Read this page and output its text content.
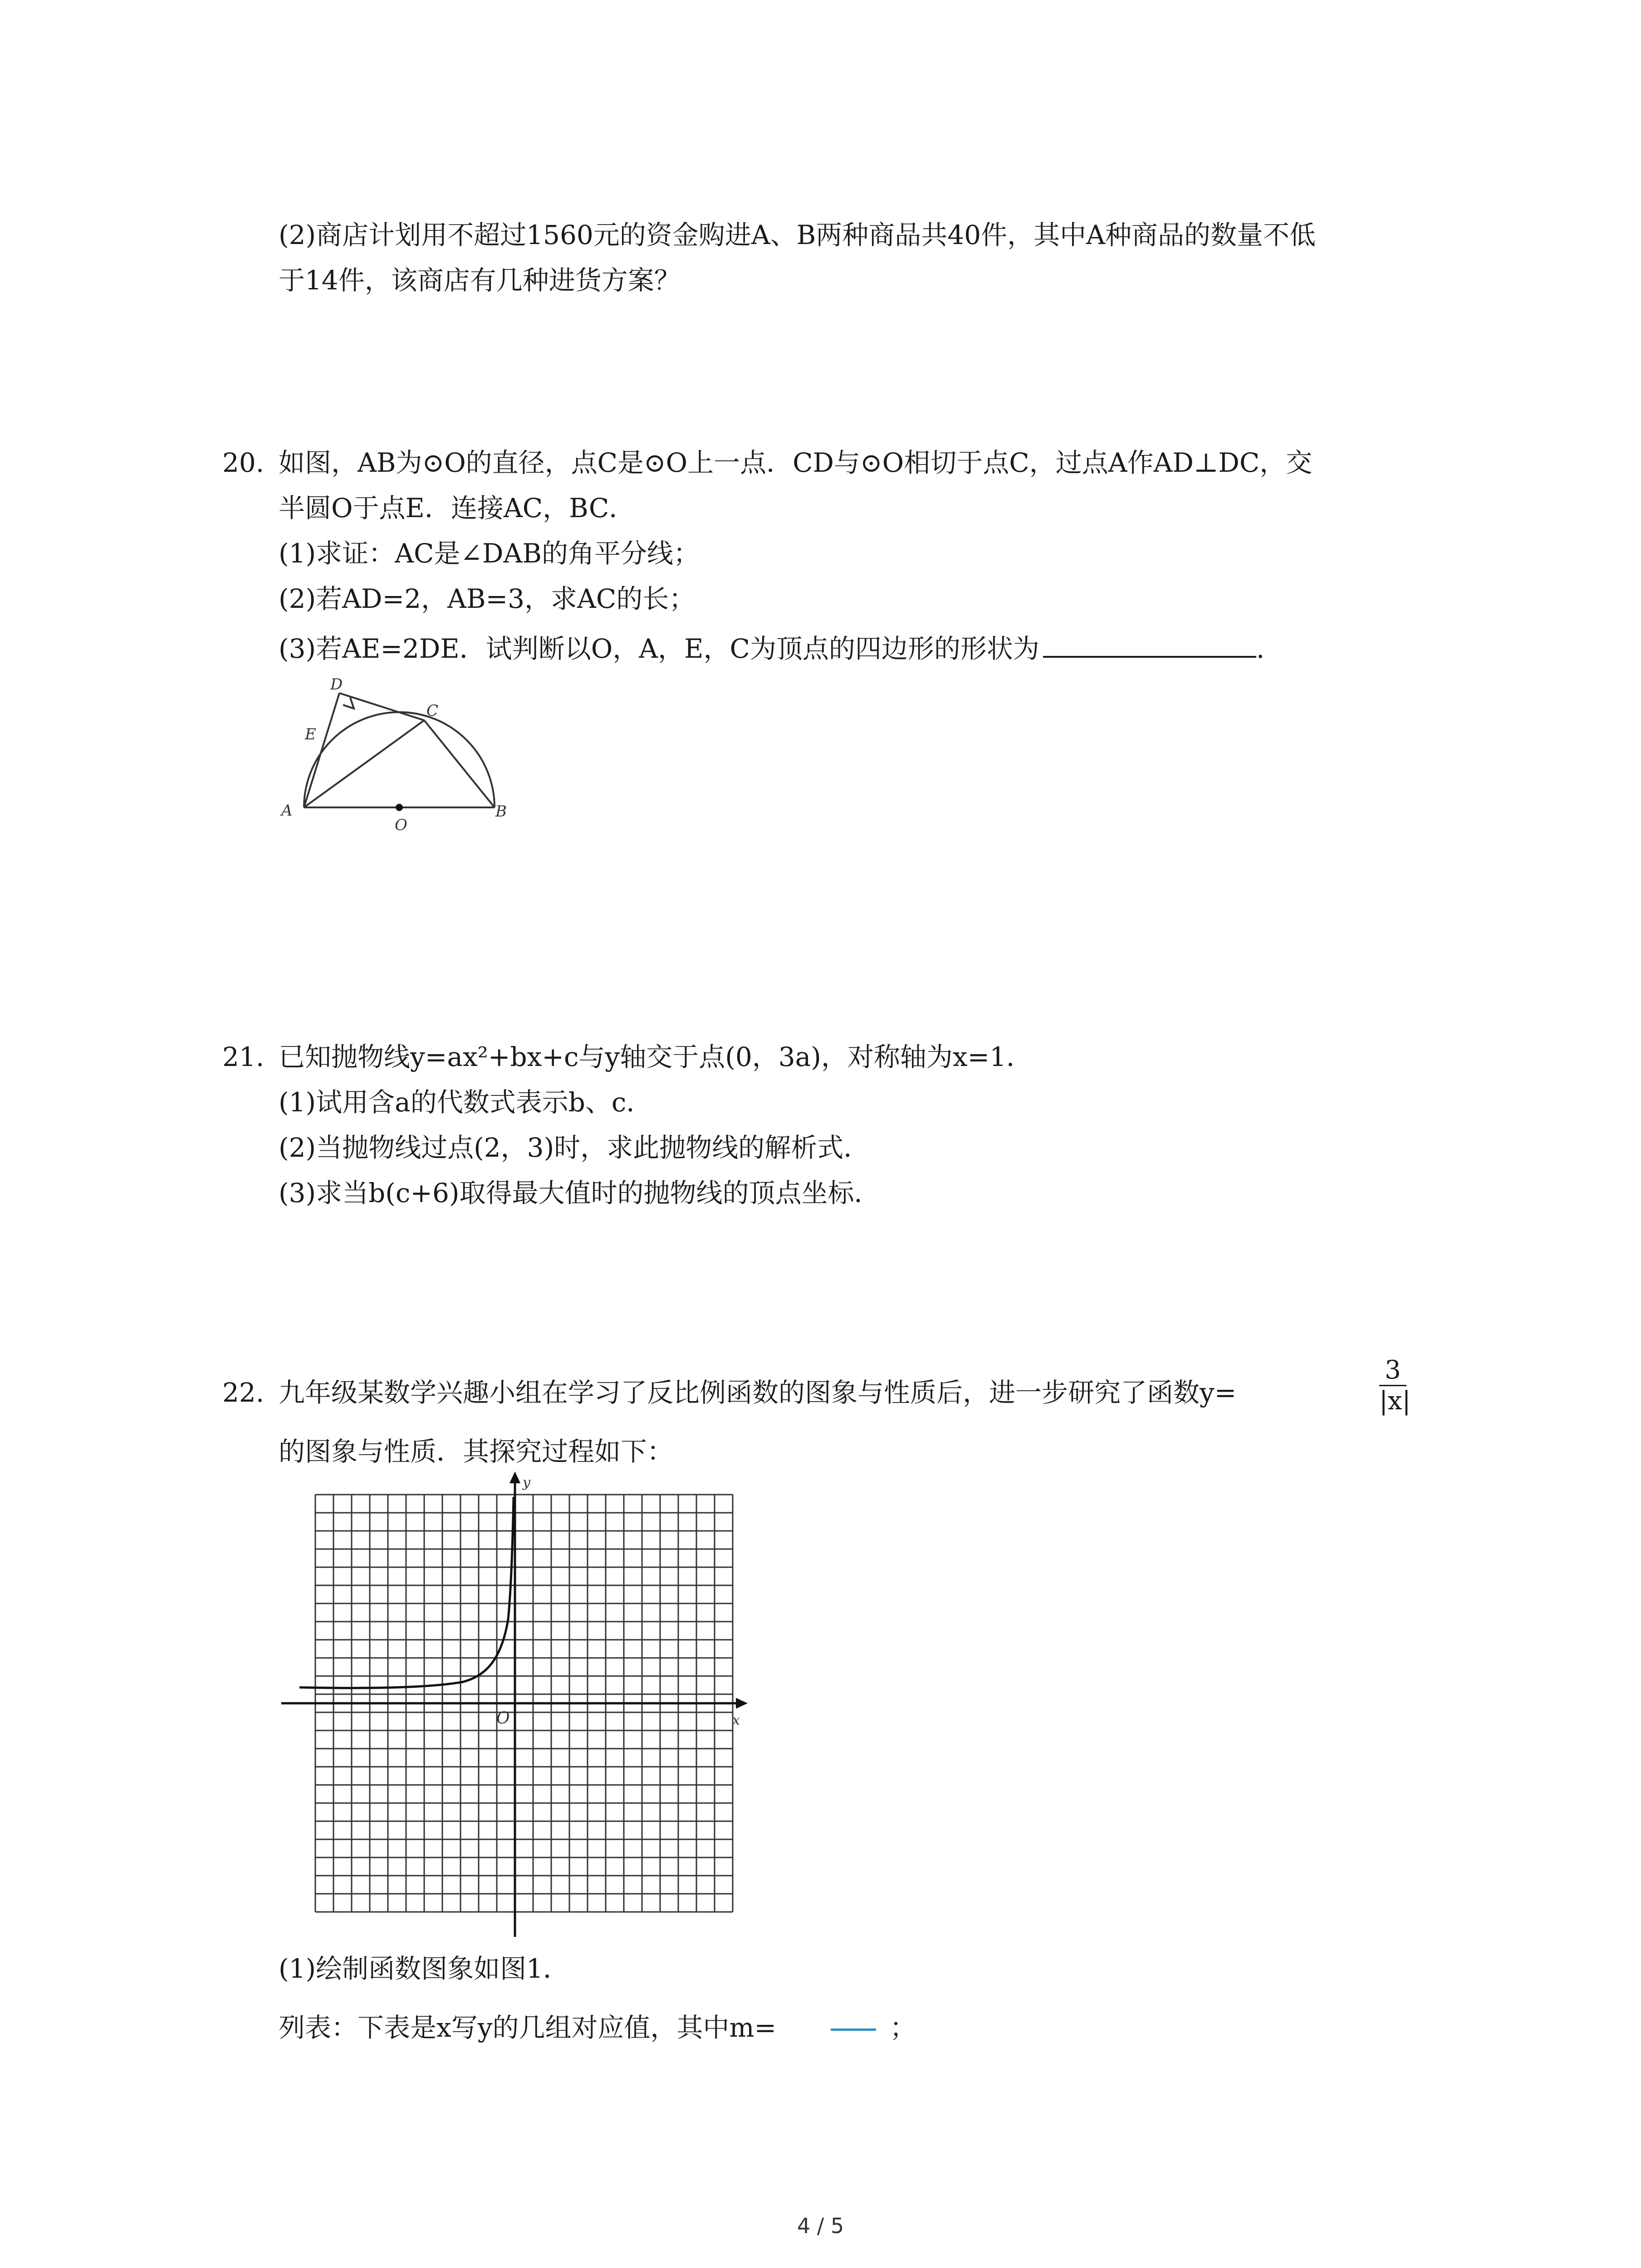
(2)商店计划用不超过1560元的资金购进A、B两种商品共40件，其中A种商品的数量不低
于14件，该商店有几种进货方案？
20. 如图，AB为⊙O的直径，点C是⊙O上一点．CD与⊙O相切于点C，过点A作AD⊥DC，交
半圆O于点E．连接AC，BC．
(1)求证：AC是∠DAB的角平分线；
(2)若AD=2，AB=3，求AC的长；
(3)若AE=2DE．试判断以O，A，E，C为顶点的四边形的形状为	.
D
E
C
A
O
B
21. 已知抛物线y=ax²+bx+c与y轴交于点(0，3a)，对称轴为x=1．
(1)试用含a的代数式表示b、c．
(2)当抛物线过点(2，3)时，求此抛物线的解析式．
(3)求当b(c+6)取得最大值时的抛物线的顶点坐标．
22. 九年级某数学兴趣小组在学习了反比例函数的图象与性质后，进一步研究了函数y=
3
|x|
的图象与性质．其探究过程如下：
y
x
O
(1)绘制函数图象如图1．
列表：下表是x写y的几组对应值，其中m=	；
4 / 5
